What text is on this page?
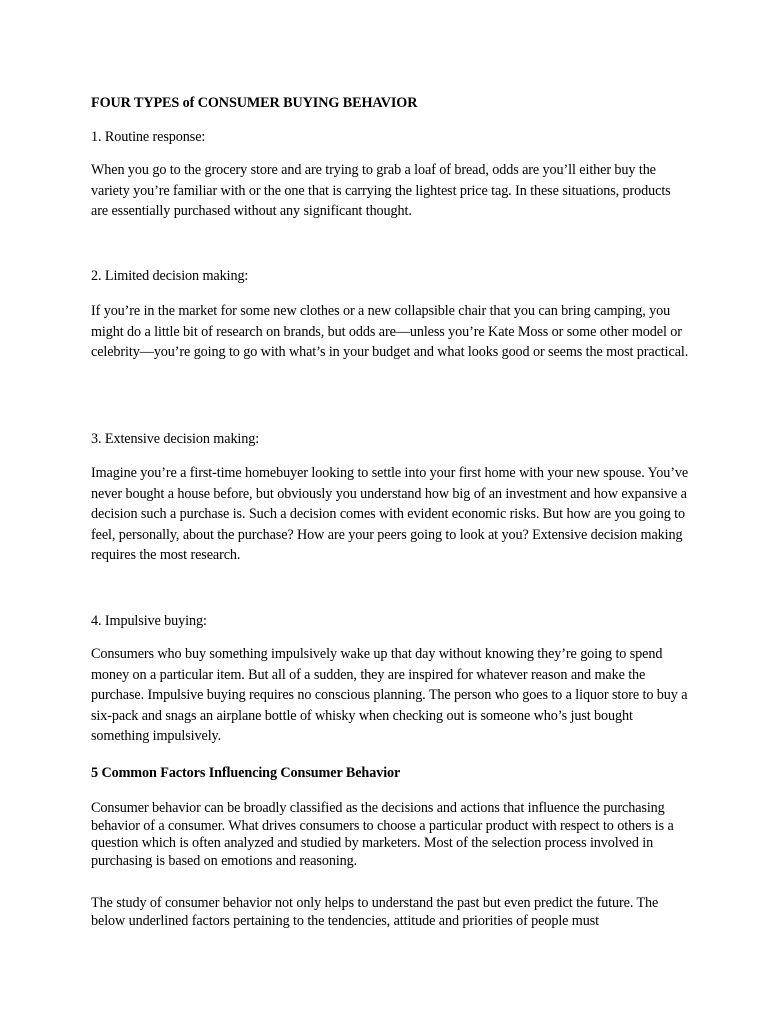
FOUR TYPES of CONSUMER BUYING BEHAVIOR

1. Routine response:

When you go to the grocery store and are trying to grab a loaf of bread, odds are you’ll either buy the variety you’re familiar with or the one that is carrying the lightest price tag. In these situations, products are essentially purchased without any significant thought.

2. Limited decision making:

If you’re in the market for some new clothes or a new collapsible chair that you can bring camping, you might do a little bit of research on brands, but odds are—unless you’re Kate Moss or some other model or celebrity—you’re going to go with what’s in your budget and what looks good or seems the most practical.

3. Extensive decision making:

Imagine you’re a first-time homebuyer looking to settle into your first home with your new spouse. You’ve never bought a house before, but obviously you understand how big of an investment and how expansive a decision such a purchase is. Such a decision comes with evident economic risks. But how are you going to feel, personally, about the purchase? How are your peers going to look at you? Extensive decision making requires the most research.

4. Impulsive buying:

Consumers who buy something impulsively wake up that day without knowing they’re going to spend money on a particular item. But all of a sudden, they are inspired for whatever reason and make the purchase. Impulsive buying requires no conscious planning. The person who goes to a liquor store to buy a six-pack and snags an airplane bottle of whisky when checking out is someone who’s just bought something impulsively.

5 Common Factors Influencing Consumer Behavior

Consumer behavior can be broadly classified as the decisions and actions that influence the purchasing behavior of a consumer. What drives consumers to choose a particular product with respect to others is a question which is often analyzed and studied by marketers. Most of the selection process involved in purchasing is based on emotions and reasoning.

The study of consumer behavior not only helps to understand the past but even predict the future. The below underlined factors pertaining to the tendencies, attitude and priorities of people must
